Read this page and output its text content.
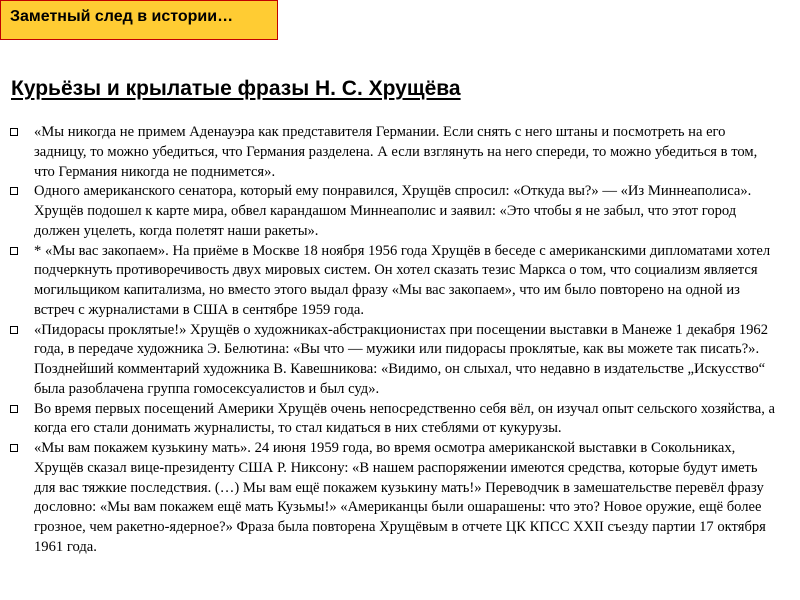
Заметный след в истории…
Курьёзы и крылатые фразы Н. С. Хрущёва
«Мы никогда не примем Аденауэра как представителя Германии. Если снять с него штаны и посмотреть на его задницу, то можно убедиться, что Германия разделена. А если взглянуть на него спереди, то можно убедиться в том, что Германия никогда не поднимется».
Одного американского сенатора, который ему понравился, Хрущёв спросил: «Откуда вы?» — «Из Миннеаполиса». Хрущёв подошел к карте мира, обвел карандашом Миннеаполис и заявил: «Это чтобы я не забыл, что этот город должен уцелеть, когда полетят наши ракеты».
* «Мы вас закопаем». На приёме в Москве 18 ноября 1956 года Хрущёв в беседе с американскими дипломатами хотел подчеркнуть противоречивость двух мировых систем. Он хотел сказать тезис Маркса о том, что социализм является могильщиком капитализма, но вместо этого выдал фразу «Мы вас закопаем», что им было повторено на одной из встреч с журналистами в США в сентябре 1959 года.
«Пидорасы проклятые!» Хрущёв о художниках-абстракционистах при посещении выставки в Манеже 1 декабря 1962 года, в передаче художника Э. Белютина: «Вы что — мужики или пидорасы проклятые, как вы можете так писать?». Позднейший комментарий художника В. Кавешникова: «Видимо, он слыхал, что недавно в издательстве „Искусство“ была разоблачена группа гомосексуалистов и был суд».
Во время первых посещений Америки Хрущёв очень непосредственно себя вёл, он изучал опыт сельского хозяйства, а когда его стали донимать журналисты, то стал кидаться в них стеблями от кукурузы.
«Мы вам покажем кузькину мать». 24 июня 1959 года, во время осмотра американской выставки в Сокольниках, Хрущёв сказал вице-президенту США Р. Никсону: «В нашем распоряжении имеются средства, которые будут иметь для вас тяжкие последствия. (…) Мы вам ещё покажем кузькину мать!» Переводчик в замешательстве перевёл фразу дословно: «Мы вам покажем ещё мать Кузьмы!» «Американцы были ошарашены: что это? Новое оружие, ещё более грозное, чем ракетно-ядерное?» Фраза была повторена Хрущёвым в отчете ЦК КПСС XXII съезду партии 17 октября 1961 года.
